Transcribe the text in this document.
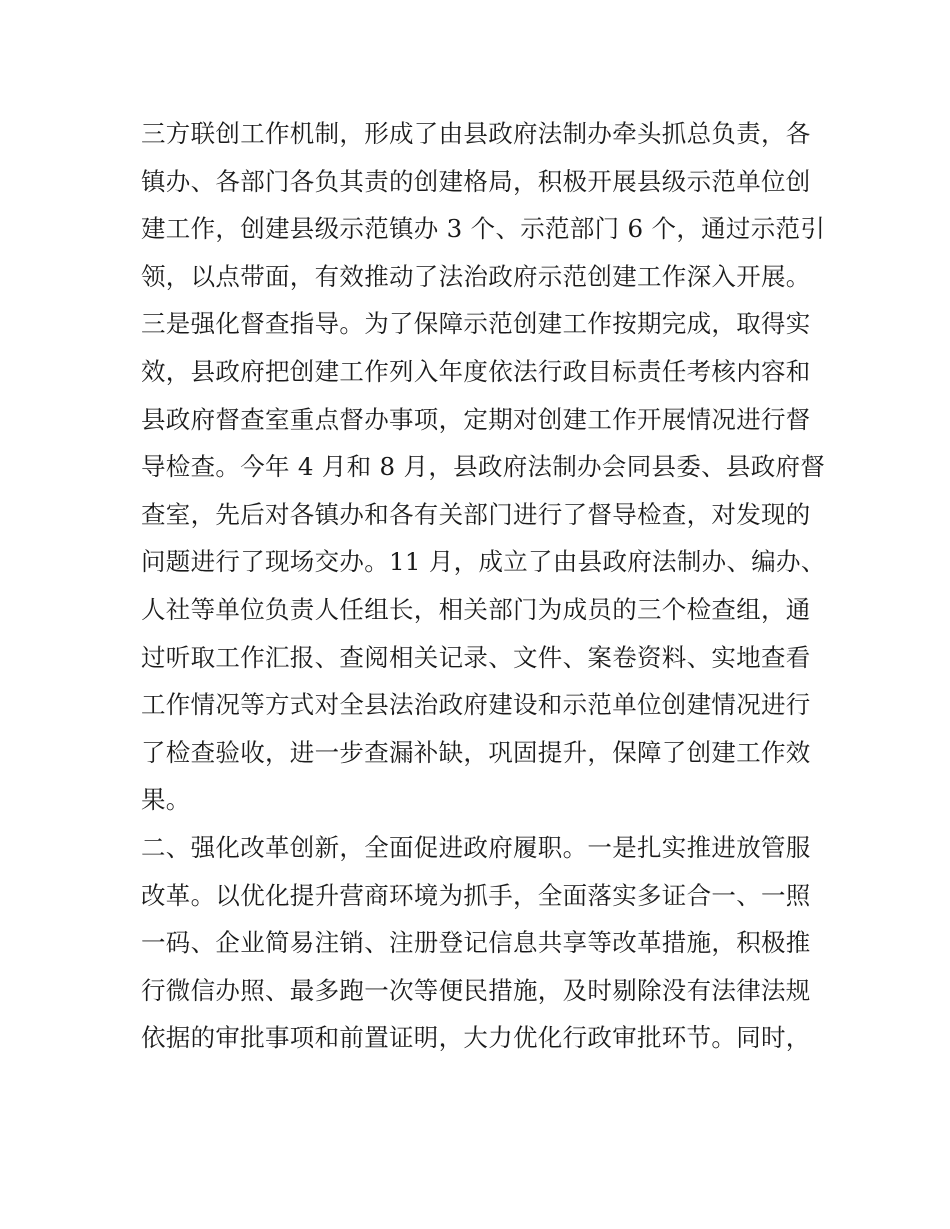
三方联创工作机制，形成了由县政府法制办牵头抓总负责，各
镇办、各部门各负其责的创建格局，积极开展县级示范单位创
建工作，创建县级示范镇办 3 个、示范部门 6 个，通过示范引
领，以点带面，有效推动了法治政府示范创建工作深入开展。
三是强化督查指导。为了保障示范创建工作按期完成，取得实
效，县政府把创建工作列入年度依法行政目标责任考核内容和
县政府督查室重点督办事项，定期对创建工作开展情况进行督
导检查。今年 4 月和 8 月，县政府法制办会同县委、县政府督
查室，先后对各镇办和各有关部门进行了督导检查，对发现的
问题进行了现场交办。11 月，成立了由县政府法制办、编办、
人社等单位负责人任组长，相关部门为成员的三个检查组，通
过听取工作汇报、查阅相关记录、文件、案卷资料、实地查看
工作情况等方式对全县法治政府建设和示范单位创建情况进行
了检查验收，进一步查漏补缺，巩固提升，保障了创建工作效
果。
二、强化改革创新，全面促进政府履职。一是扎实推进放管服
改革。以优化提升营商环境为抓手，全面落实多证合一、一照
一码、企业简易注销、注册登记信息共享等改革措施，积极推
行微信办照、最多跑一次等便民措施，及时剔除没有法律法规
依据的审批事项和前置证明，大力优化行政审批环节。同时，
